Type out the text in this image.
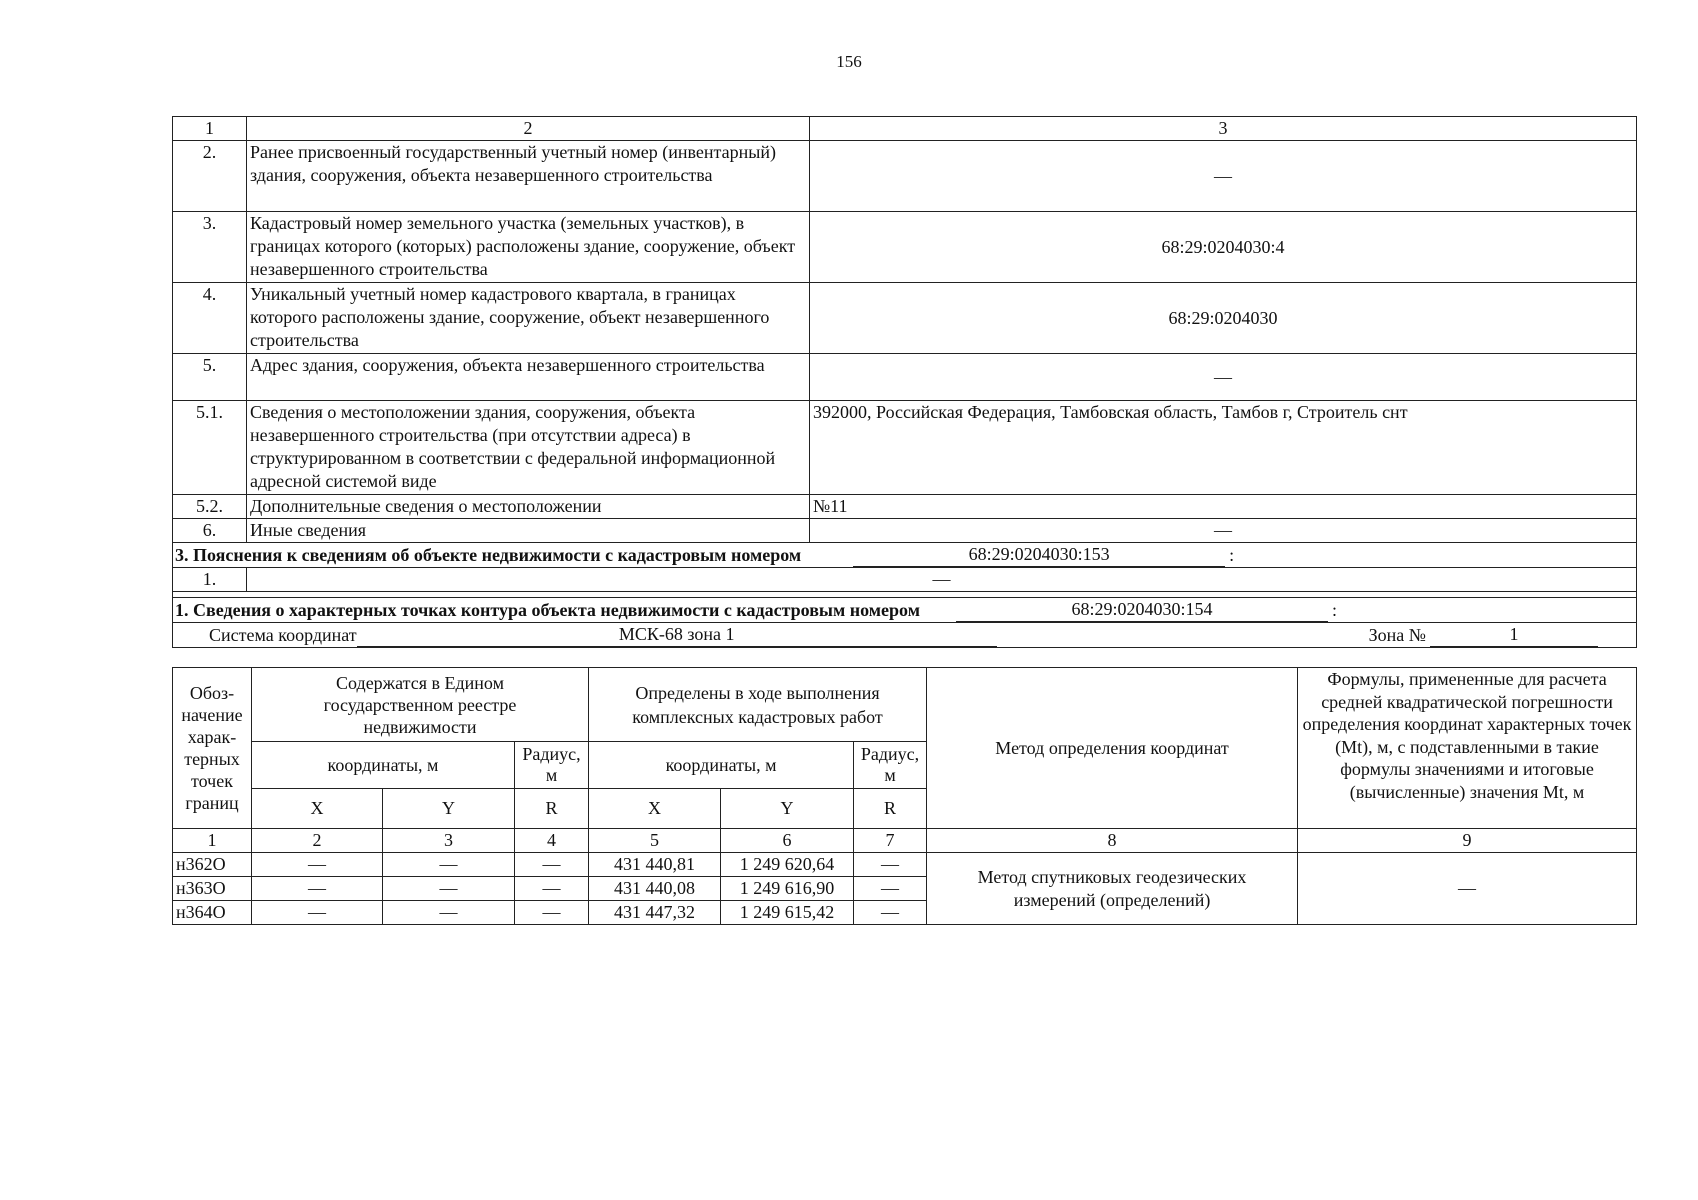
156
1	2	3
2.	Ранее присвоенный государственный учетный номер (инвентарный) здания, сооружения, объекта незавершенного строительства	—
3.	Кадастровый номер земельного участка (земельных участков), в границах которого (которых) расположены здание, сооружение, объект незавершенного строительства	68:29:0204030:4
4.	Уникальный учетный номер кадастрового квартала, в границах которого расположены здание, сооружение, объект незавершенного строительства	68:29:0204030
5.	Адрес здания, сооружения, объекта незавершенного строительства	—
5.1.	Сведения о местоположении здания, сооружения, объекта незавершенного строительства (при отсутствии адреса) в структурированном в соответствии с федеральной информационной адресной системой виде	392000, Российская Федерация, Тамбовская область, Тамбов г, Строитель снт
5.2.	Дополнительные сведения о местоположении	№11
6.	Иные сведения	—

3. Пояснения к сведениям об объекте недвижимости с кадастровым номером 68:29:0204030:153 :		

1.	—	

1. Сведения о характерных точках контура объекта недвижимости с кадастровым номером 68:29:0204030:154 :		

Система координат МСК-68 зона 1 Зона № 1		
Обоз-начение харак-терных точек границ	Содержатся в Едином государственном реестре недвижимости			Определены в ходе выполнения комплексных кадастровых работ			Метод определения координат	Формулы, примененные для расчета средней квадратической погрешности определения координат характерных точек (Mt), м, с подставленными в такие формулы значениями и итоговые (вычисленные) значения Mt, м
	координаты, м		Радиус, м	координаты, м		Радиус, м		
	X	Y	R	X	Y	R		
1	2	3	4	5	6	7	8	9
н362О	—	—	—	431 440,81	1 249 620,64	—	Метод спутниковых геодезических измерений (определений)	—
н363О	—	—	—	431 440,08	1 249 616,90	—		
н364О	—	—	—	431 447,32	1 249 615,42	—		
